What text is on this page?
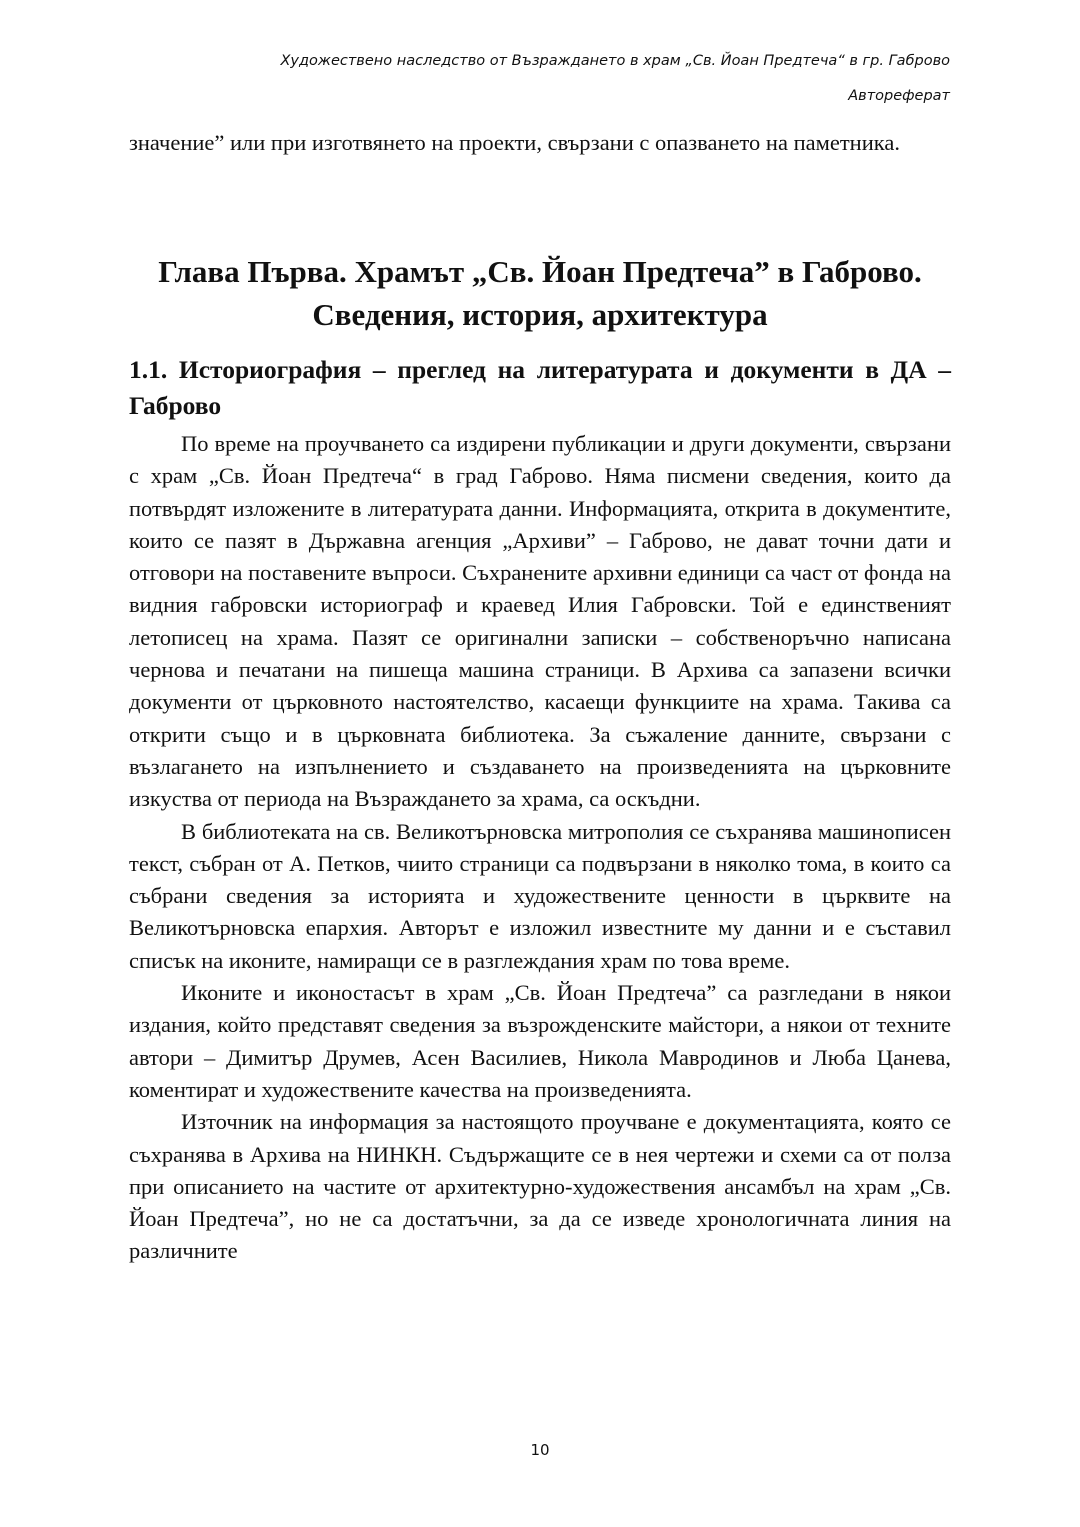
Художествено наследство от Възраждането в храм „Св. Йоан Предтеча“ в гр. Габрово
Автореферат
значение” или при изготвянето на проекти, свързани с опазването на паметника.
Глава Първа. Храмът „Св. Йоан Предтеча” в Габрово.
Сведения, история, архитектура
1.1. Историография – преглед на литературата и документи в ДА – Габрово

По време на проучването са издирени публикации и други документи, свързани с храм „Св. Йоан Предтеча“ в град Габрово. Няма писмени сведения, които да потвърдят изложените в литературата данни. Информацията, открита в документите, които се пазят в Държавна агенция „Архиви” – Габрово, не дават точни дати и отговори на поставените въпроси. Съхранените архивни единици са част от фонда на видния габровски историограф и краевед Илия Габровски. Той е единственият летописец на храма. Пазят се оригинални записки – собственоръчно написана чернова и печатани на пишеща машина страници. В Архива са запазени всички документи от църковното настоятелство, касаещи функциите на храма. Такива са открити също и в църковната библиотека. За съжаление данните, свързани с възлагането на изпълнението и създаването на произведенията на църковните изкуства от периода на Възраждането за храма, са оскъдни.

В библиотеката на св. Великотърновска митрополия се съхранява машинописен текст, събран от А. Петков, чиито страници са подвързани в няколко тома, в които са събрани сведения за историята и художествените ценности в църквите на Великотърновска епархия. Авторът е изложил известните му данни и е съставил списък на иконите, намиращи се в разглеждания храм по това време.

Иконите и иконостасът в храм „Св. Йоан Предтеча” са разгледани в някои издания, който представят сведения за възрожденските майстори, а някои от техните автори – Димитър Друмев, Асен Василиев, Никола Мавродинов и Люба Цанева, коментират и художествените качества на произведенията.

Източник на информация за настоящото проучване е документацията, която се съхранява в Архива на НИНКН. Съдържащите се в нея чертежи и схеми са от полза при описанието на частите от архитектурно-художествения ансамбъл на храм „Св. Йоан Предтеча”, но не са достатъчни, за да се изведе хронологичната линия на различните

10
